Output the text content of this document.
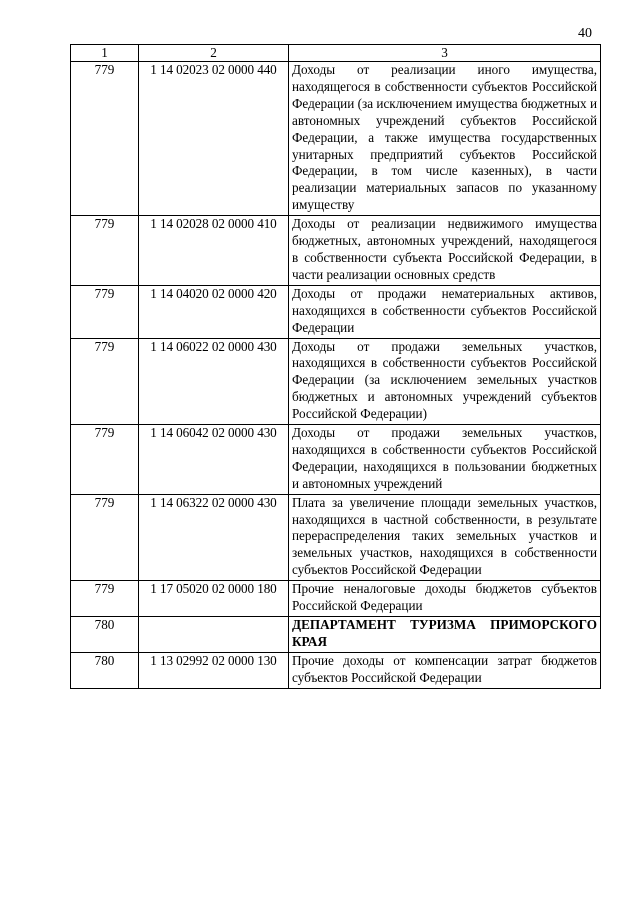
40
1	2	3
779	1 14 02023 02 0000 440	Доходы от реализации иного имущества, находящегося в собственности субъектов Российской Федерации (за исключением имущества бюджетных и автономных учреждений субъектов Российской Федерации, а также имущества государственных унитарных предприятий субъектов Российской Федерации, в том числе казенных), в части реализации материальных запасов по указанному имуществу
779	1 14 02028 02 0000 410	Доходы от реализации недвижимого имущества бюджетных, автономных учреждений, находящегося в собственности субъекта Российской Федерации, в части реализации основных средств
779	1 14 04020 02 0000 420	Доходы от продажи нематериальных активов, находящихся в собственности субъектов Российской Федерации
779	1 14 06022 02 0000 430	Доходы от продажи земельных участков, находящихся в собственности субъектов Российской Федерации (за исключением земельных участков бюджетных и автономных учреждений субъектов Российской Федерации)
779	1 14 06042 02 0000 430	Доходы от продажи земельных участков, находящихся в собственности субъектов Российской Федерации, находящихся в пользовании бюджетных и автономных учреждений
779	1 14 06322 02 0000 430	Плата за увеличение площади земельных участков, находящихся в частной собственности, в результате перераспределения таких земельных участков и земельных участков, находящихся в собственности субъектов Российской Федерации
779	1 17 05020 02 0000 180	Прочие неналоговые доходы бюджетов субъектов Российской Федерации
780		ДЕПАРТАМЕНТ ТУРИЗМА ПРИМОРСКОГО КРАЯ
780	1 13 02992 02 0000 130	Прочие доходы от компенсации затрат бюджетов субъектов Российской Федерации
